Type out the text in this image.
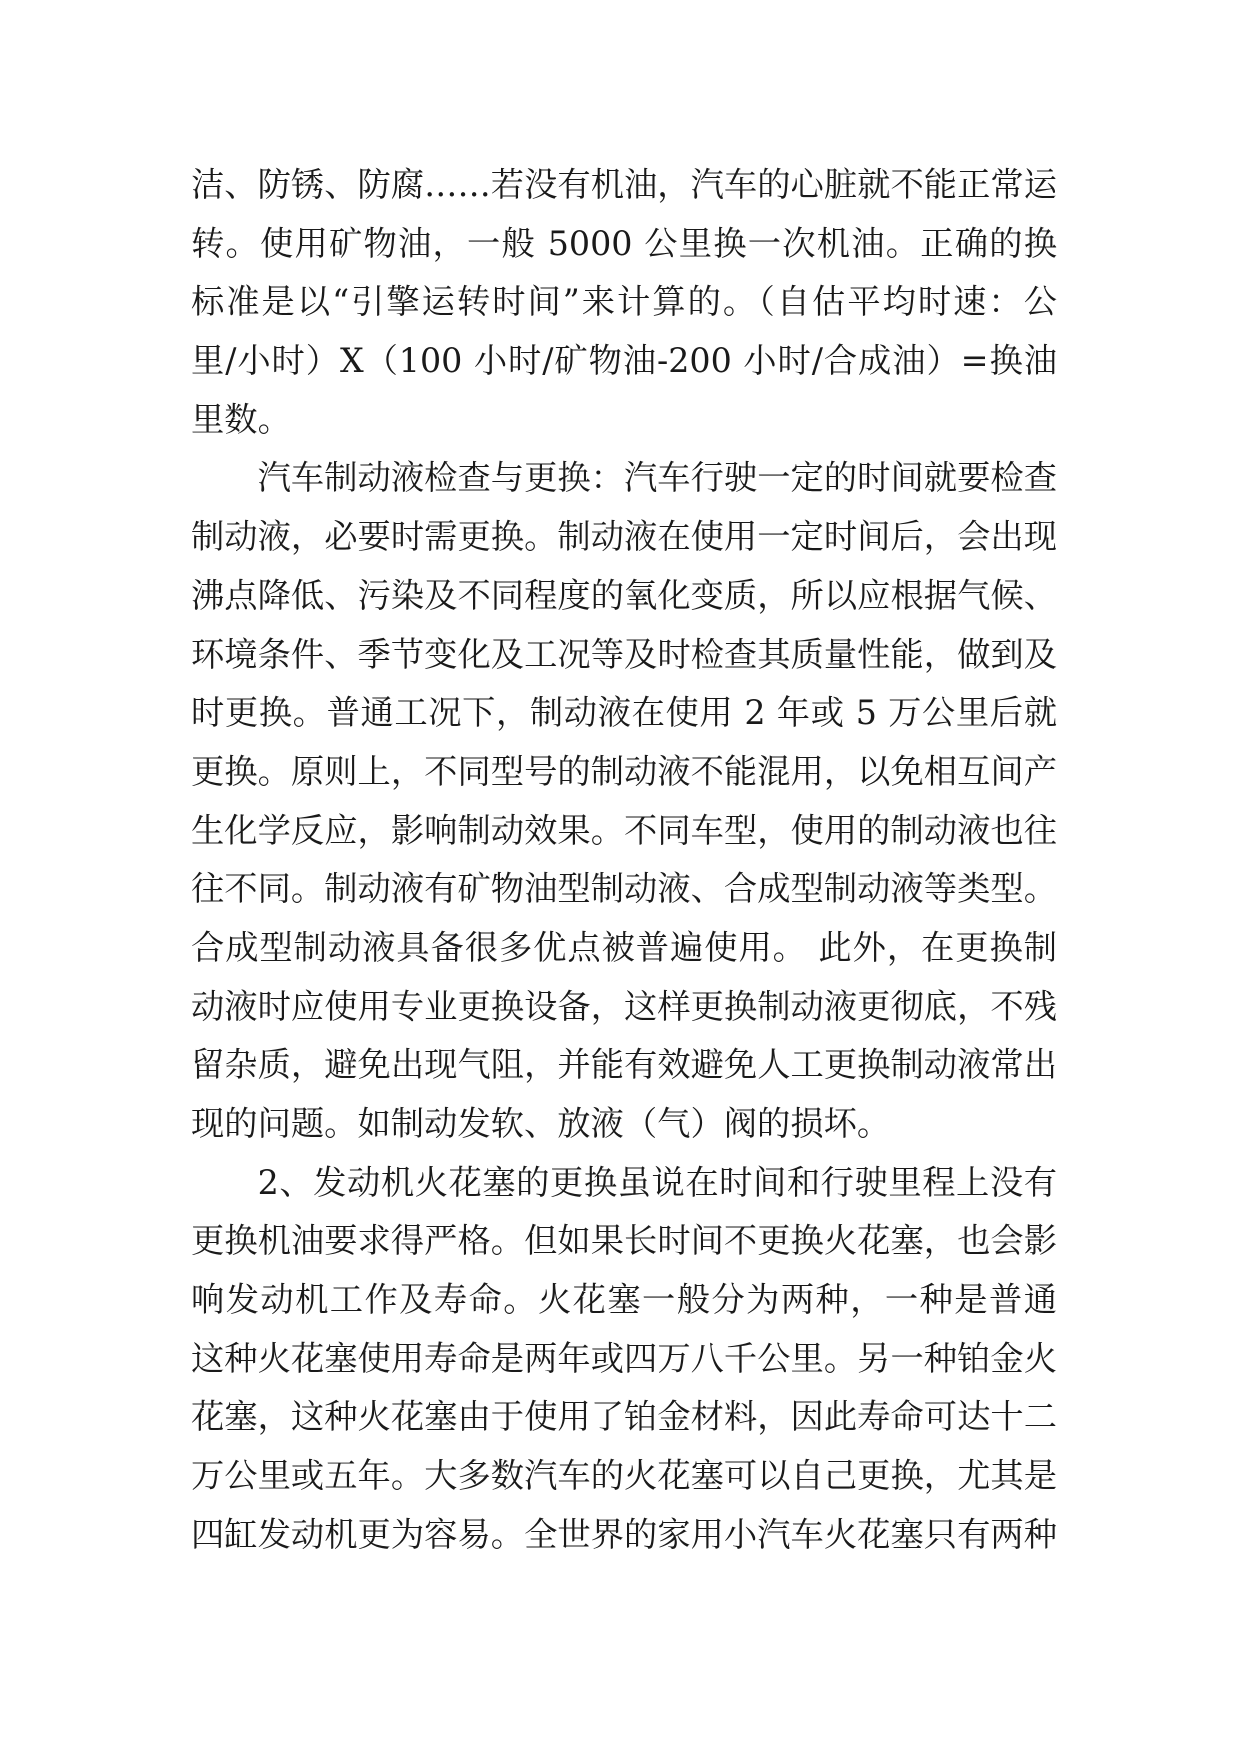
洁、防锈、防腐……若没有机油，汽车的心脏就不能正常运
转。使用矿物油，一般 5000 公里换一次机油。正确的换
标准是以“引擎运转时间”来计算的。（自估平均时速：公
里/小时）X（100 小时/矿物油-200 小时/合成油）=换油
里数。
汽车制动液检查与更换：汽车行驶一定的时间就要检查
制动液，必要时需更换。制动液在使用一定时间后，会出现
沸点降低、污染及不同程度的氧化变质，所以应根据气候、
环境条件、季节变化及工况等及时检查其质量性能，做到及
时更换。普通工况下，制动液在使用 2 年或 5 万公里后就
更换。原则上，不同型号的制动液不能混用，以免相互间产
生化学反应，影响制动效果。不同车型，使用的制动液也往
往不同。制动液有矿物油型制动液、合成型制动液等类型。
合成型制动液具备很多优点被普遍使用。 此外，在更换制
动液时应使用专业更换设备，这样更换制动液更彻底，不残
留杂质，避免出现气阻，并能有效避免人工更换制动液常出
现的问题。如制动发软、放液（气）阀的损坏。
2、发动机火花塞的更换虽说在时间和行驶里程上没有
更换机油要求得严格。但如果长时间不更换火花塞，也会影
响发动机工作及寿命。火花塞一般分为两种，一种是普通
这种火花塞使用寿命是两年或四万八千公里。另一种铂金火
花塞，这种火花塞由于使用了铂金材料，因此寿命可达十二
万公里或五年。大多数汽车的火花塞可以自己更换，尤其是
四缸发动机更为容易。全世界的家用小汽车火花塞只有两种
